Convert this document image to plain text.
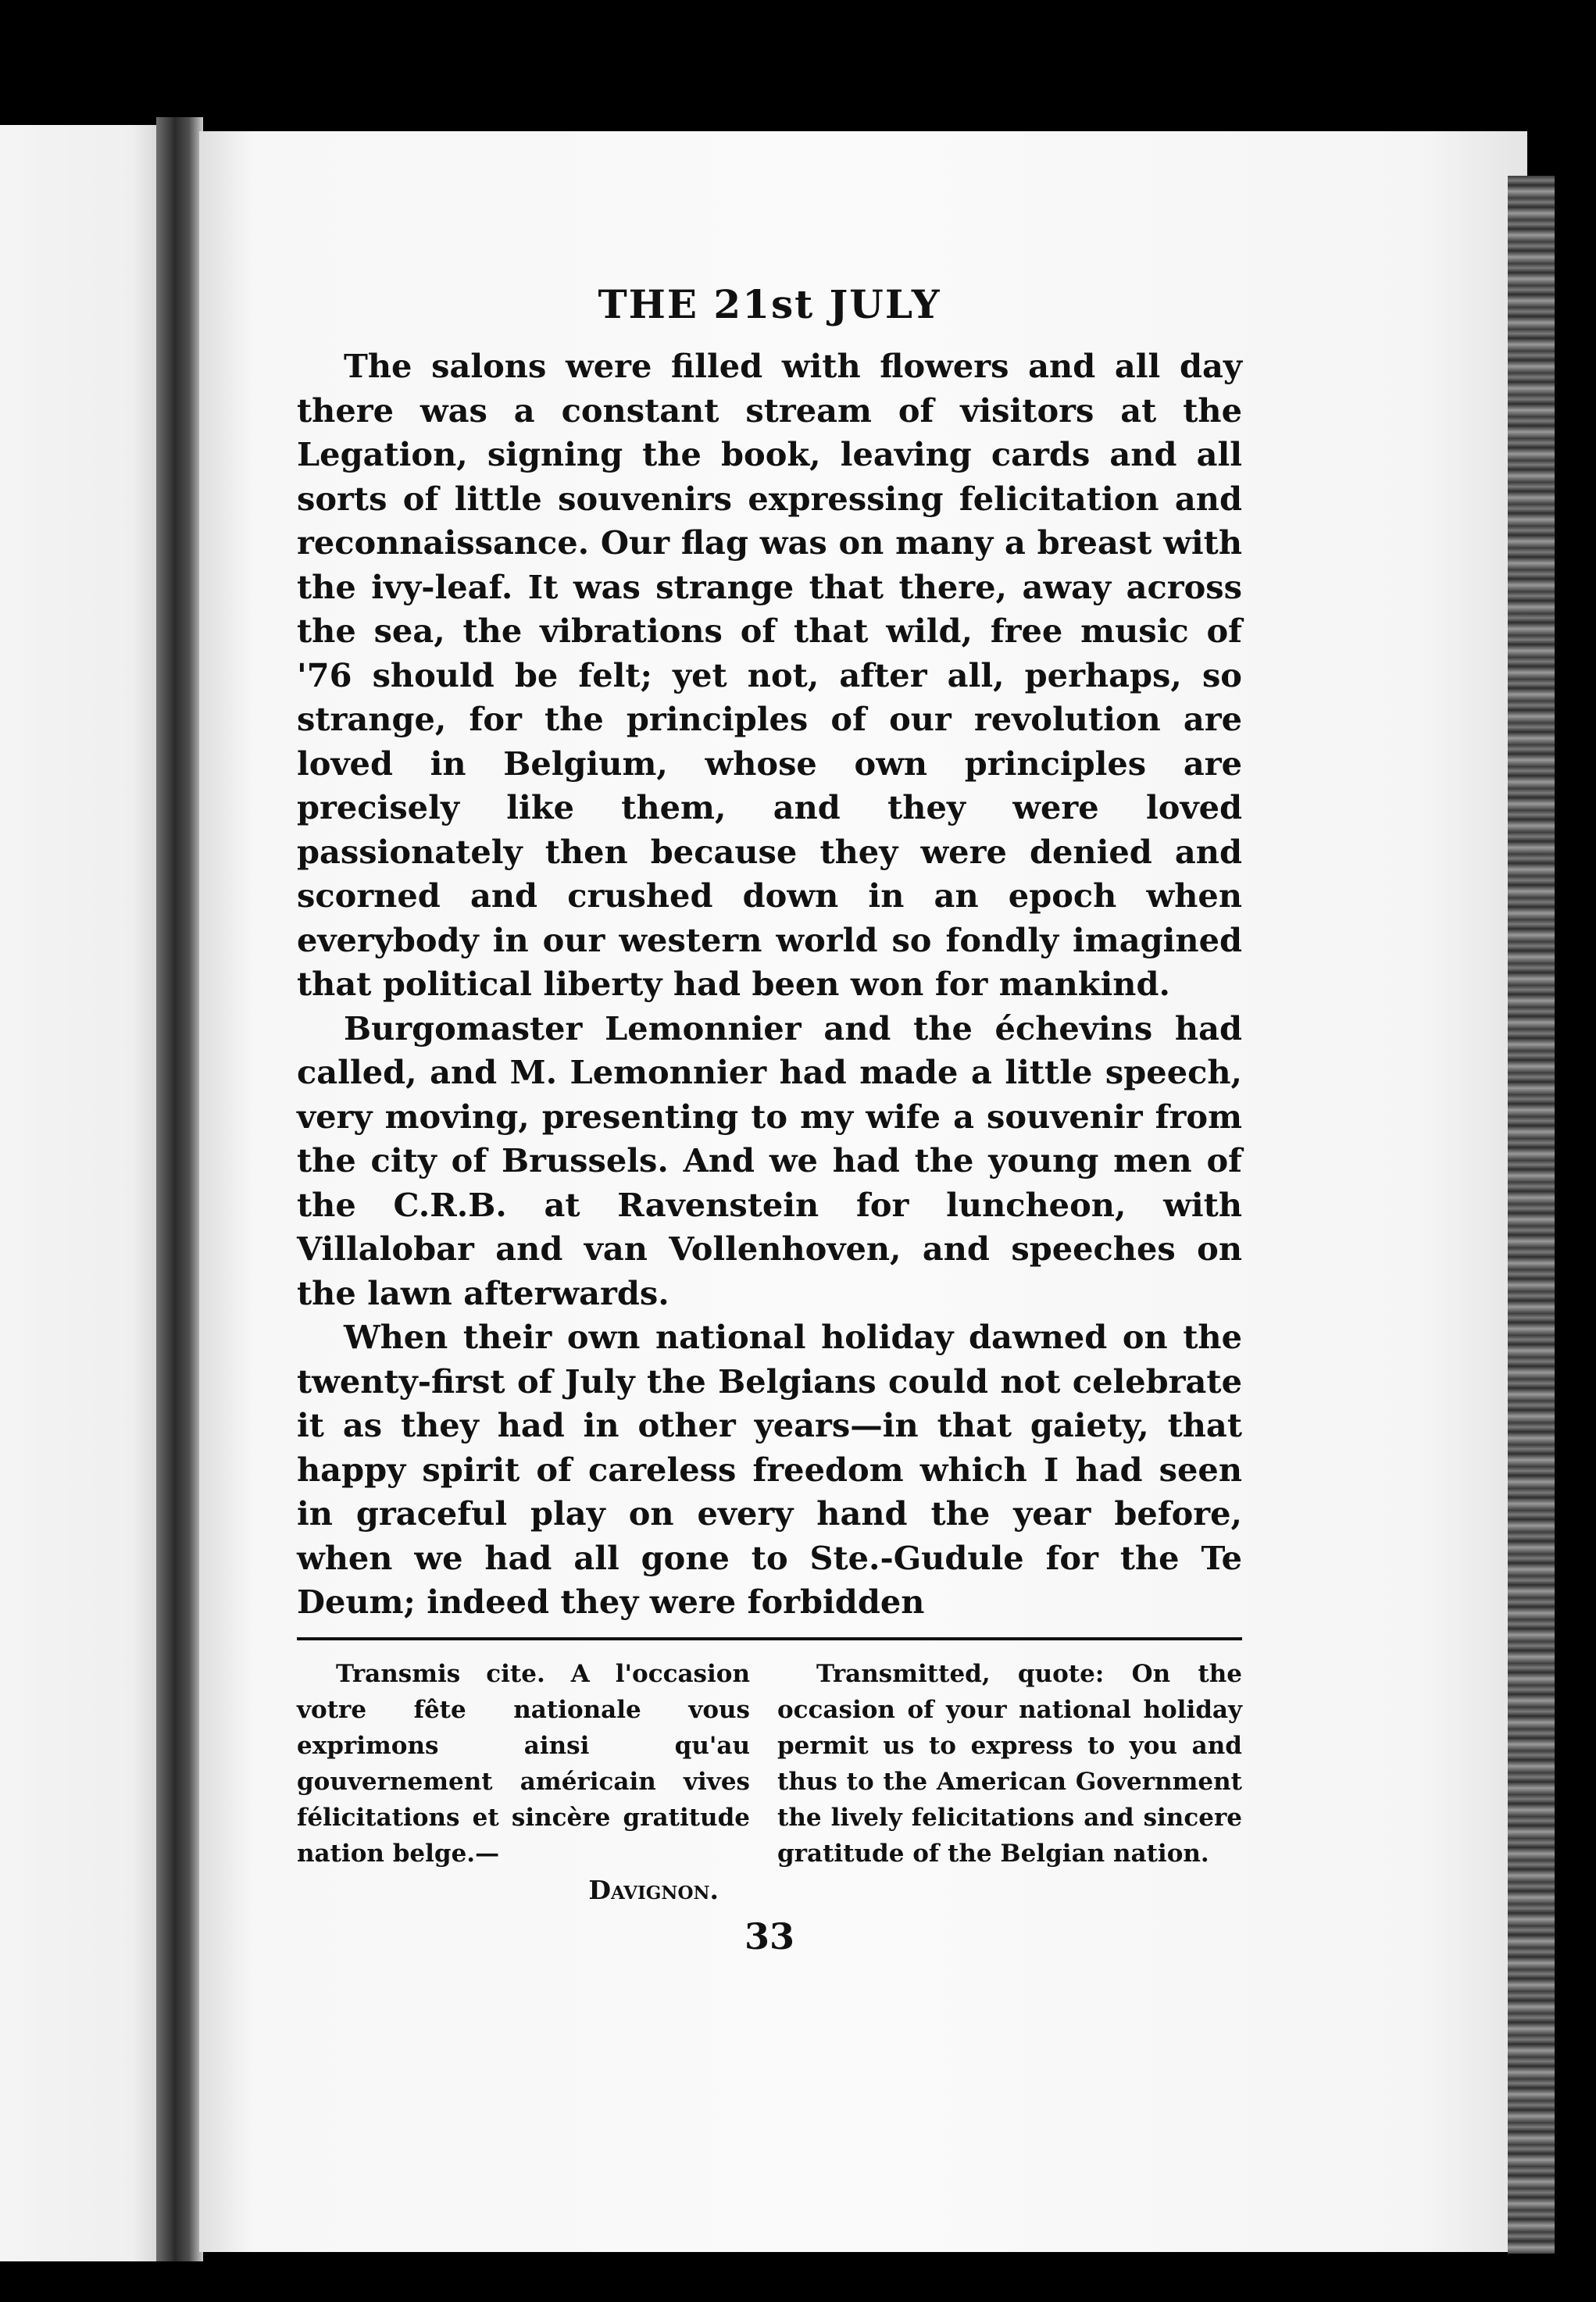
THE 21st JULY

The salons were filled with flowers and all day there was a constant stream of visitors at the Legation, signing the book, leaving cards and all sorts of little souvenirs expressing felicitation and reconnaissance. Our flag was on many a breast with the ivy-leaf. It was strange that there, away across the sea, the vibrations of that wild, free music of '76 should be felt; yet not, after all, perhaps, so strange, for the principles of our revolution are loved in Belgium, whose own principles are precisely like them, and they were loved passionately then because they were denied and scorned and crushed down in an epoch when everybody in our western world so fondly imagined that political liberty had been won for mankind.

Burgomaster Lemonnier and the échevins had called, and M. Lemonnier had made a little speech, very moving, presenting to my wife a souvenir from the city of Brussels. And we had the young men of the C.R.B. at Ravenstein for luncheon, with Villalobar and van Vollenhoven, and speeches on the lawn afterwards.

When their own national holiday dawned on the twenty-first of July the Belgians could not celebrate it as they had in other years—in that gaiety, that happy spirit of careless freedom which I had seen in graceful play on every hand the year before, when we had all gone to Ste.-Gudule for the Te Deum; indeed they were forbidden

Transmis cite. A l'occasion votre fête nationale vous exprimons ainsi qu'au gouvernement américain vives félicitations et sincère gratitude nation belge.—

Davignon.

Transmitted, quote: On the occasion of your national holiday permit us to express to you and thus to the American Government the lively felicitations and sincere gratitude of the Belgian nation.

33
